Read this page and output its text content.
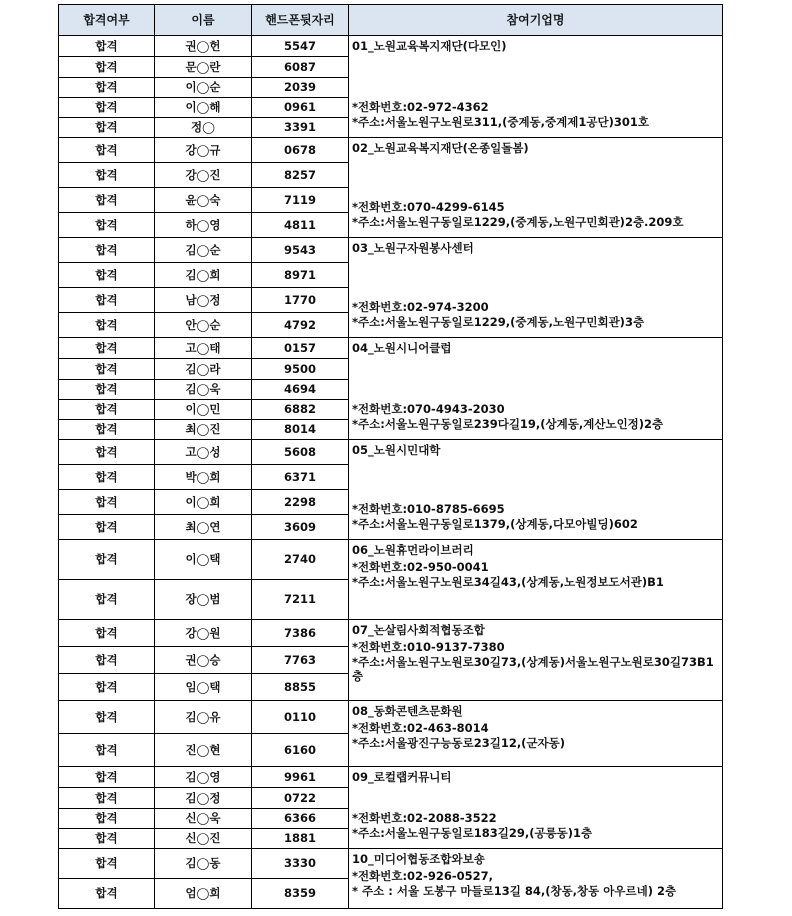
합격여부	이름	핸드폰뒷자리	참여기업명
합격	권◯헌	5547	01_노원교육복지재단(다모인)
*전화번호:02-972-4362
*주소:서울노원구노원로311,(중계동,중계제1공단)301호

합격	문◯란	6087	
합격	이◯순	2039	
합격	이◯해	0961	
합격	정◯	3391	
합격	강◯규	0678	02_노원교육복지재단(온종일돌봄)
*전화번호:070-4299-6145
*주소:서울노원구동일로1229,(중계동,노원구민회관)2층.209호

합격	강◯진	8257	
합격	윤◯숙	7119	
합격	하◯영	4811	
합격	김◯순	9543	03_노원구자원봉사센터
*전화번호:02-974-3200
*주소:서울노원구동일로1229,(중계동,노원구민회관)3층

합격	김◯희	8971	
합격	남◯정	1770	
합격	안◯순	4792	
합격	고◯태	0157	04_노원시니어클럽
*전화번호:070-4943-2030
*주소:서울노원구동일로239다길19,(상계동,계산노인정)2층

합격	김◯라	9500	
합격	김◯욱	4694	
합격	이◯민	6882	
합격	최◯진	8014	
합격	고◯성	5608	05_노원시민대학
*전화번호:010-8785-6695
*주소:서울노원구동일로1379,(상계동,다모아빌딩)602

합격	박◯희	6371	
합격	이◯희	2298	
합격	최◯연	3609	
합격	이◯택	2740	06_노원휴먼라이브러리
*전화번호:02-950-0041
*주소:서울노원구노원로34길43,(상계동,노원정보도서관)B1

합격	장◯범	7211	
합격	강◯원	7386	07_논살림사회적협동조합
*전화번호:010-9137-7380
*주소:서울노원구노원로30길73,(상계동)서울노원구노원로30길73B1층

합격	권◯승	7763	
합격	임◯택	8855	
합격	김◯유	0110	08_동화콘텐츠문화원
*전화번호:02-463-8014
*주소:서울광진구능동로23길12,(군자동)

합격	진◯현	6160	
합격	김◯영	9961	09_로컬랩커뮤니티
*전화번호:02-2088-3522
*주소:서울노원구동일로183길29,(공릉동)1층

합격	김◯정	0722	
합격	신◯욱	6366	
합격	신◯진	1881	
합격	김◯동	3330	10_미디어협동조합와보숑
*전화번호:02-926-0527,
* 주소 : 서울 도봉구 마들로13길 84,(창동,창동 아우르네) 2층

합격	엄◯희	8359	
